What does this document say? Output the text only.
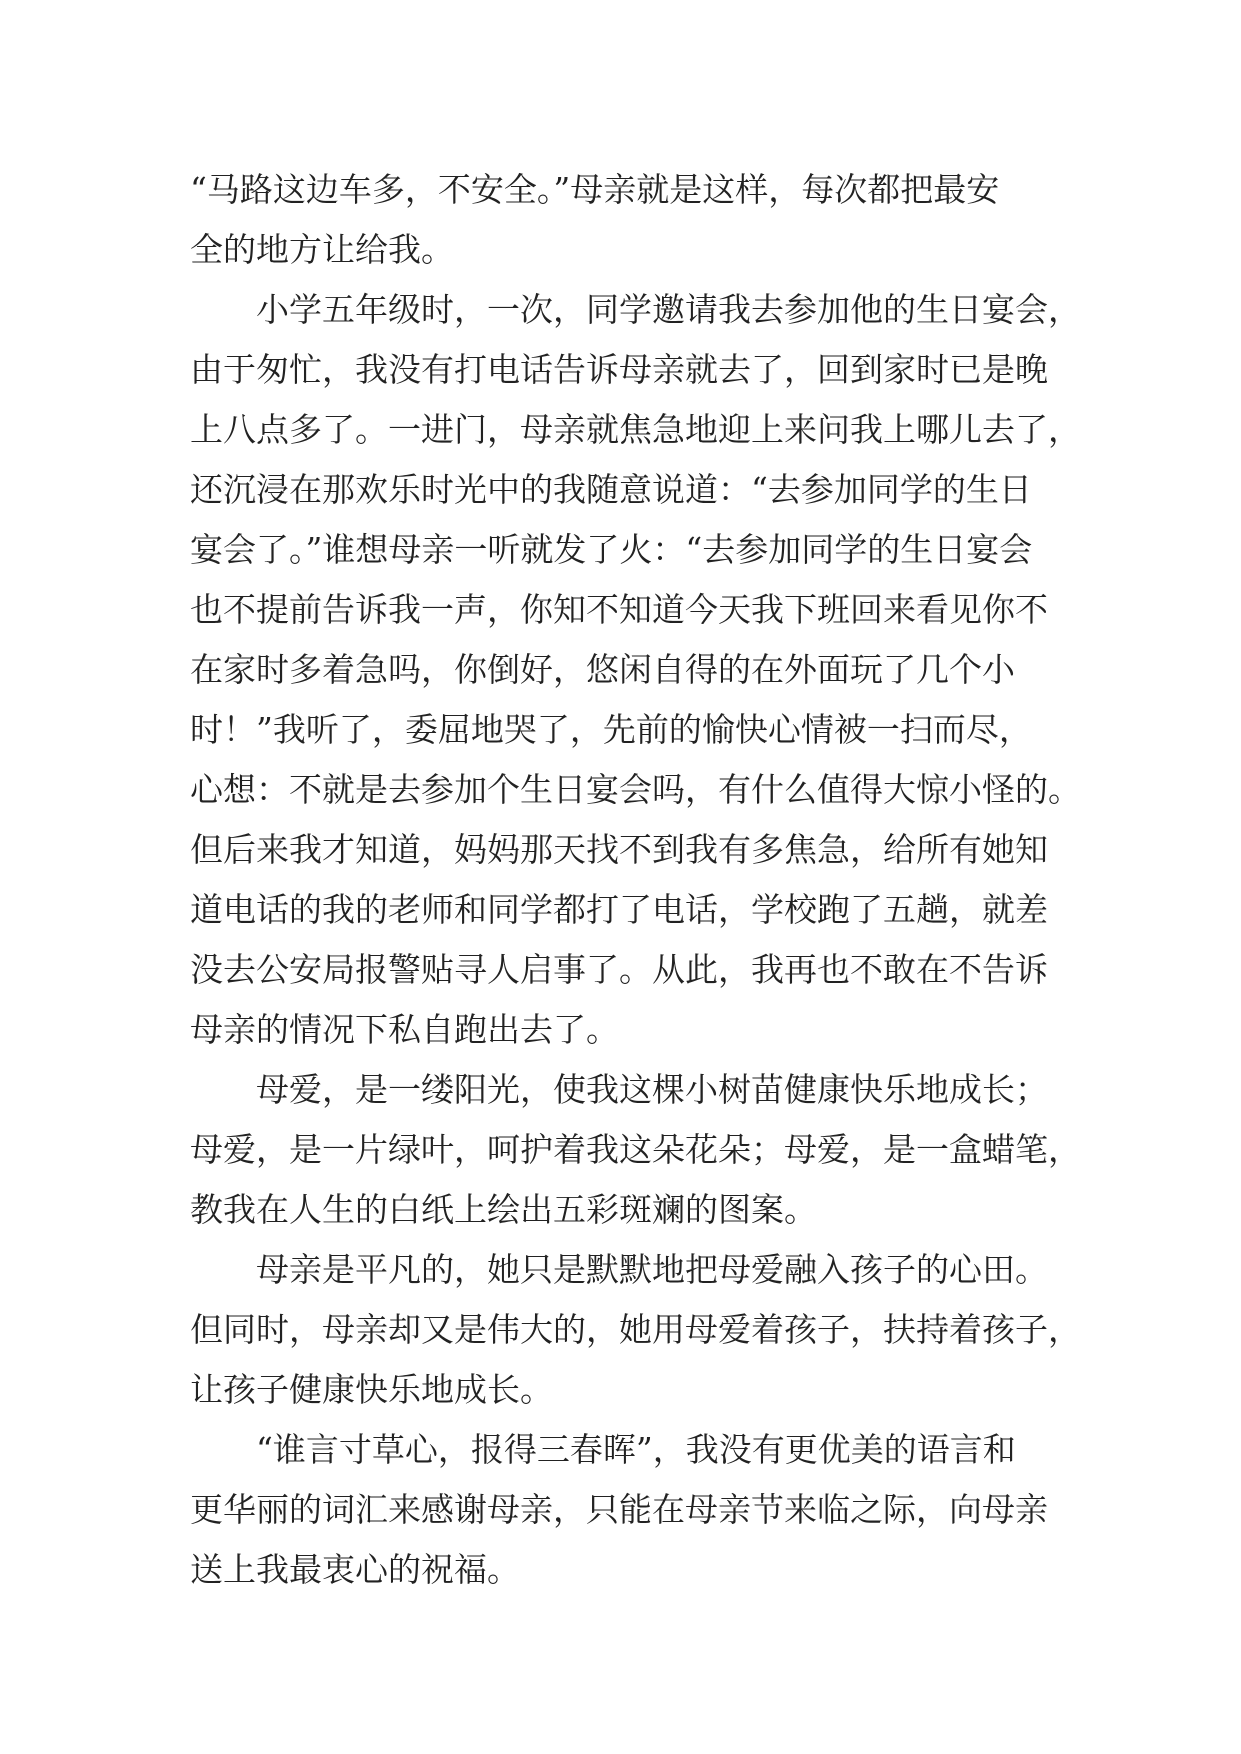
“马路这边车多，不安全。”母亲就是这样，每次都把最安
全的地方让给我。

小学五年级时，一次，同学邀请我去参加他的生日宴会，
由于匆忙，我没有打电话告诉母亲就去了，回到家时已是晚
上八点多了。一进门，母亲就焦急地迎上来问我上哪儿去了，
还沉浸在那欢乐时光中的我随意说道：“去参加同学的生日
宴会了。”谁想母亲一听就发了火：“去参加同学的生日宴会
也不提前告诉我一声，你知不知道今天我下班回来看见你不
在家时多着急吗，你倒好，悠闲自得的在外面玩了几个小
时！”我听了，委屈地哭了，先前的愉快心情被一扫而尽，
心想：不就是去参加个生日宴会吗，有什么值得大惊小怪的。
但后来我才知道，妈妈那天找不到我有多焦急，给所有她知
道电话的我的老师和同学都打了电话，学校跑了五趟，就差
没去公安局报警贴寻人启事了。从此，我再也不敢在不告诉
母亲的情况下私自跑出去了。

母爱，是一缕阳光，使我这棵小树苗健康快乐地成长；
母爱，是一片绿叶，呵护着我这朵花朵；母爱，是一盒蜡笔，
教我在人生的白纸上绘出五彩斑斓的图案。

母亲是平凡的，她只是默默地把母爱融入孩子的心田。
但同时，母亲却又是伟大的，她用母爱着孩子，扶持着孩子，
让孩子健康快乐地成长。

“谁言寸草心，报得三春晖”，我没有更优美的语言和
更华丽的词汇来感谢母亲，只能在母亲节来临之际，向母亲
送上我最衷心的祝福。
